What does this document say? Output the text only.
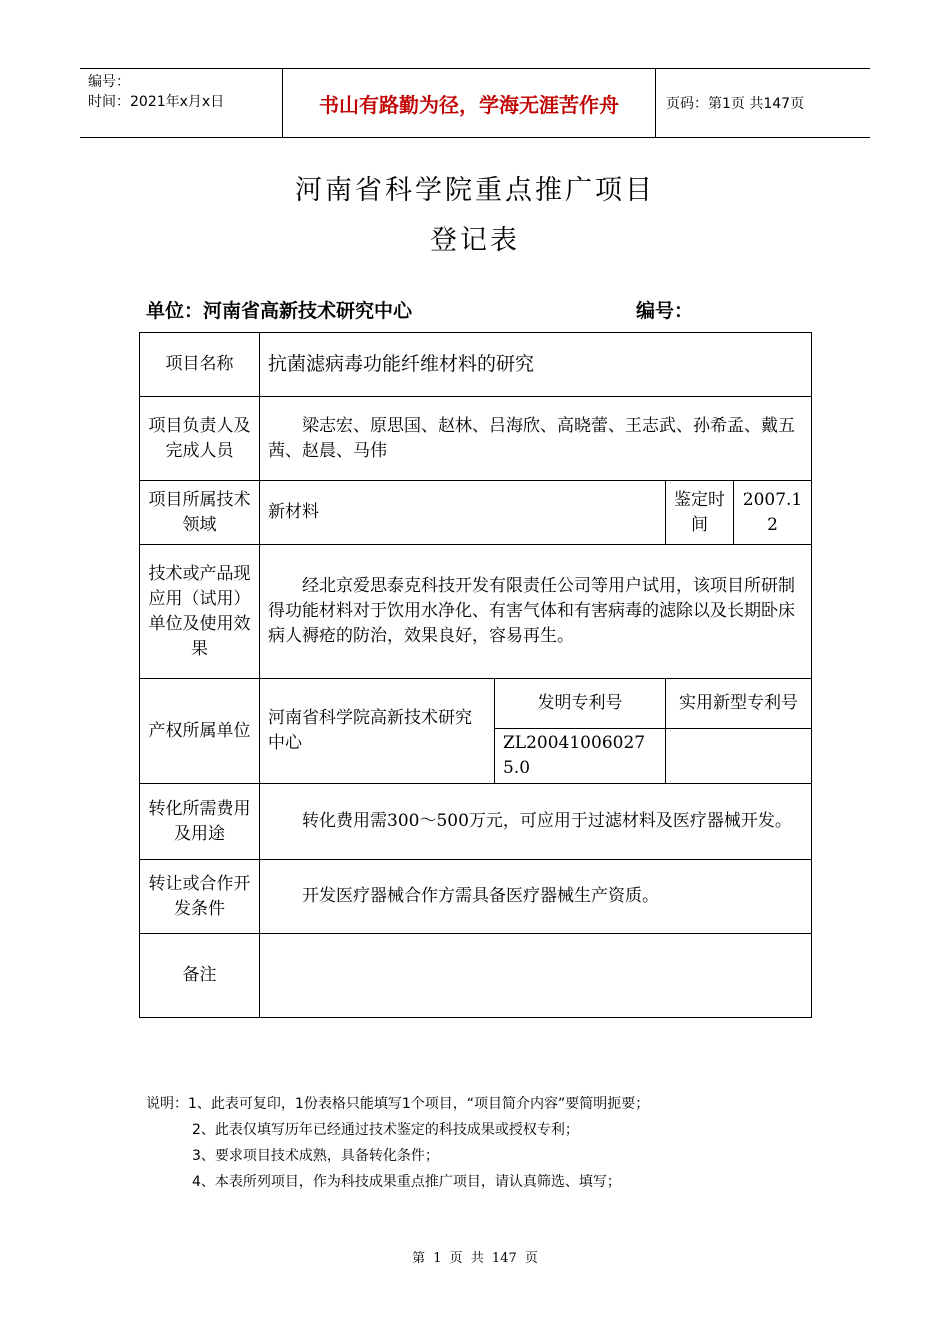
编号：
时间：2021年x月x日	书山有路勤为径，学海无涯苦作舟	页码：第1页 共147页
河南省科学院重点推广项目
登记表
单位：河南省高新技术研究中心	编号：
项目名称	抗菌滤病毒功能纤维材料的研究			
项目负责人及完成人员	梁志宏、原思国、赵林、吕海欣、高晓蕾、王志武、孙希孟、戴五茜、赵晨、马伟			
项目所属技术领域	新材料		鉴定时间	2007.12
技术或产品现应用（试用）单位及使用效果	经北京爱思泰克科技开发有限责任公司等用户试用，该项目所研制得功能材料对于饮用水净化、有害气体和有害病毒的滤除以及长期卧床病人褥疮的防治，效果良好，容易再生。			
产权所属单位	河南省科学院高新技术研究中心	发明专利号	实用新型专利号	
		ZL200410060275.0		
转化所需费用及用途	转化费用需300～500万元，可应用于过滤材料及医疗器械开发。			
转让或合作开发条件	开发医疗器械合作方需具备医疗器械生产资质。			
备注				
说明：1、此表可复印，1份表格只能填写1个项目，“项目简介内容”要简明扼要；
2、此表仅填写历年已经通过技术鉴定的科技成果或授权专利；
3、要求项目技术成熟，具备转化条件；
4、本表所列项目，作为科技成果重点推广项目，请认真筛选、填写；
第 1 页 共 147 页
